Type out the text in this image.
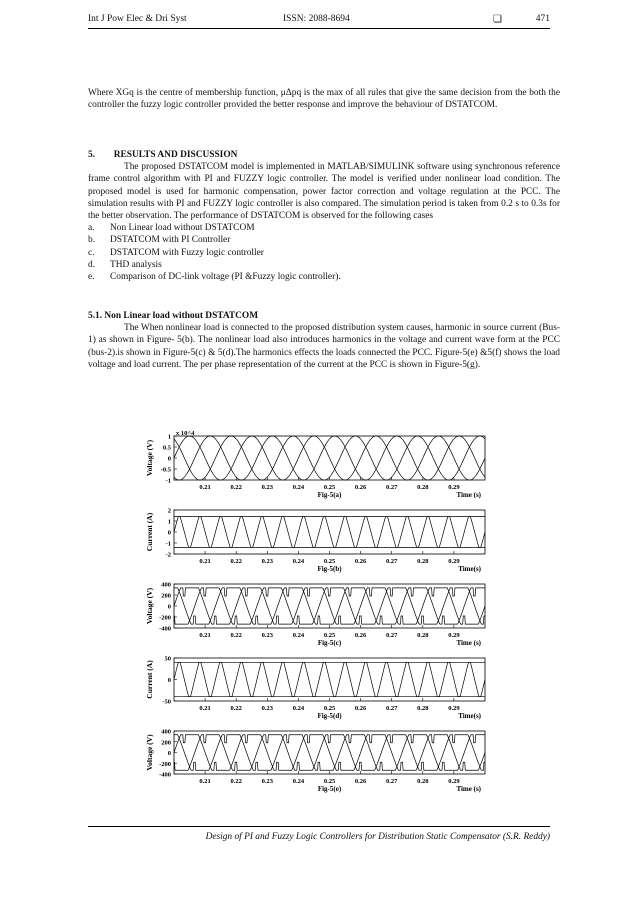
Int J Pow Elec & Dri Syst	ISSN: 2088-8694	❏	471
Where XGq is the centre of membership function, μΔpq is the max of all rules that give the same decision from the both the controller the fuzzy logic controller provided the better response and improve the behaviour of DSTATCOM.

5. RESULTS AND DISCUSSION

The proposed DSTATCOM model is implemented in MATLAB/SIMULINK software using synchronous reference frame control algorithm with PI and FUZZY logic controller. The model is verified under nonlinear load condition. The proposed model is used for harmonic compensation, power factor correction and voltage regulation at the PCC. The simulation results with PI and FUZZY logic controller is also compared. The simulation period is taken from 0.2 s to 0.3s for the better observation. The performance of DSTATCOM is observed for the following cases

a. Non Linear load without DSTATCOM
b. DSTATCOM with PI Controller
c. DSTATCOM with Fuzzy logic controller
d. THD analysis
e. Comparison of DC-link voltage (PI &Fuzzy logic controller).

5.1. Non Linear load without DSTATCOM

The When nonlinear load is connected to the proposed distribution system causes, harmonic in source current (Bus-1) as shown in Figure- 5(b). The nonlinear load also introduces harmonics in the voltage and current wave form at the PCC (bus-2).is shown in Figure-5(c) & 5(d).The harmonics effects the loads connected the PCC. Figure-5(e) &5(f) shows the load voltage and load current. The per phase representation of the current at the PCC is shown in Figure-5(g).

1
0.5
0
-0.5
-1
0.21	0.22	0.23	0.24	0.25	0.26	0.27	0.28	0.29
Voltage (V)
Fig-5(a)	Time (s)
x 10^4
2
1
0
-1
-2
0.21	0.22	0.23	0.24	0.25	0.26	0.27	0.28	0.29
Current (A)
Fig-5(b)	Time(s)
400
200
0
-200
-400
0.21	0.22	0.23	0.24	0.25	0.26	0.27	0.28	0.29
Voltage (V)
Fig-5(c)	Time (s)
50
0
-50
0.21	0.22	0.23	0.24	0.25	0.26	0.27	0.28	0.29
Current (A)
Fig-5(d)	Time(s)
400
200
0
-200
-400
0.21	0.22	0.23	0.24	0.25	0.26	0.27	0.28	0.29
Voltage (V)
Fig-5(e)	Time (s)
Design of PI and Fuzzy Logic Controllers for Distribution Static Compensator (S.R. Reddy)
